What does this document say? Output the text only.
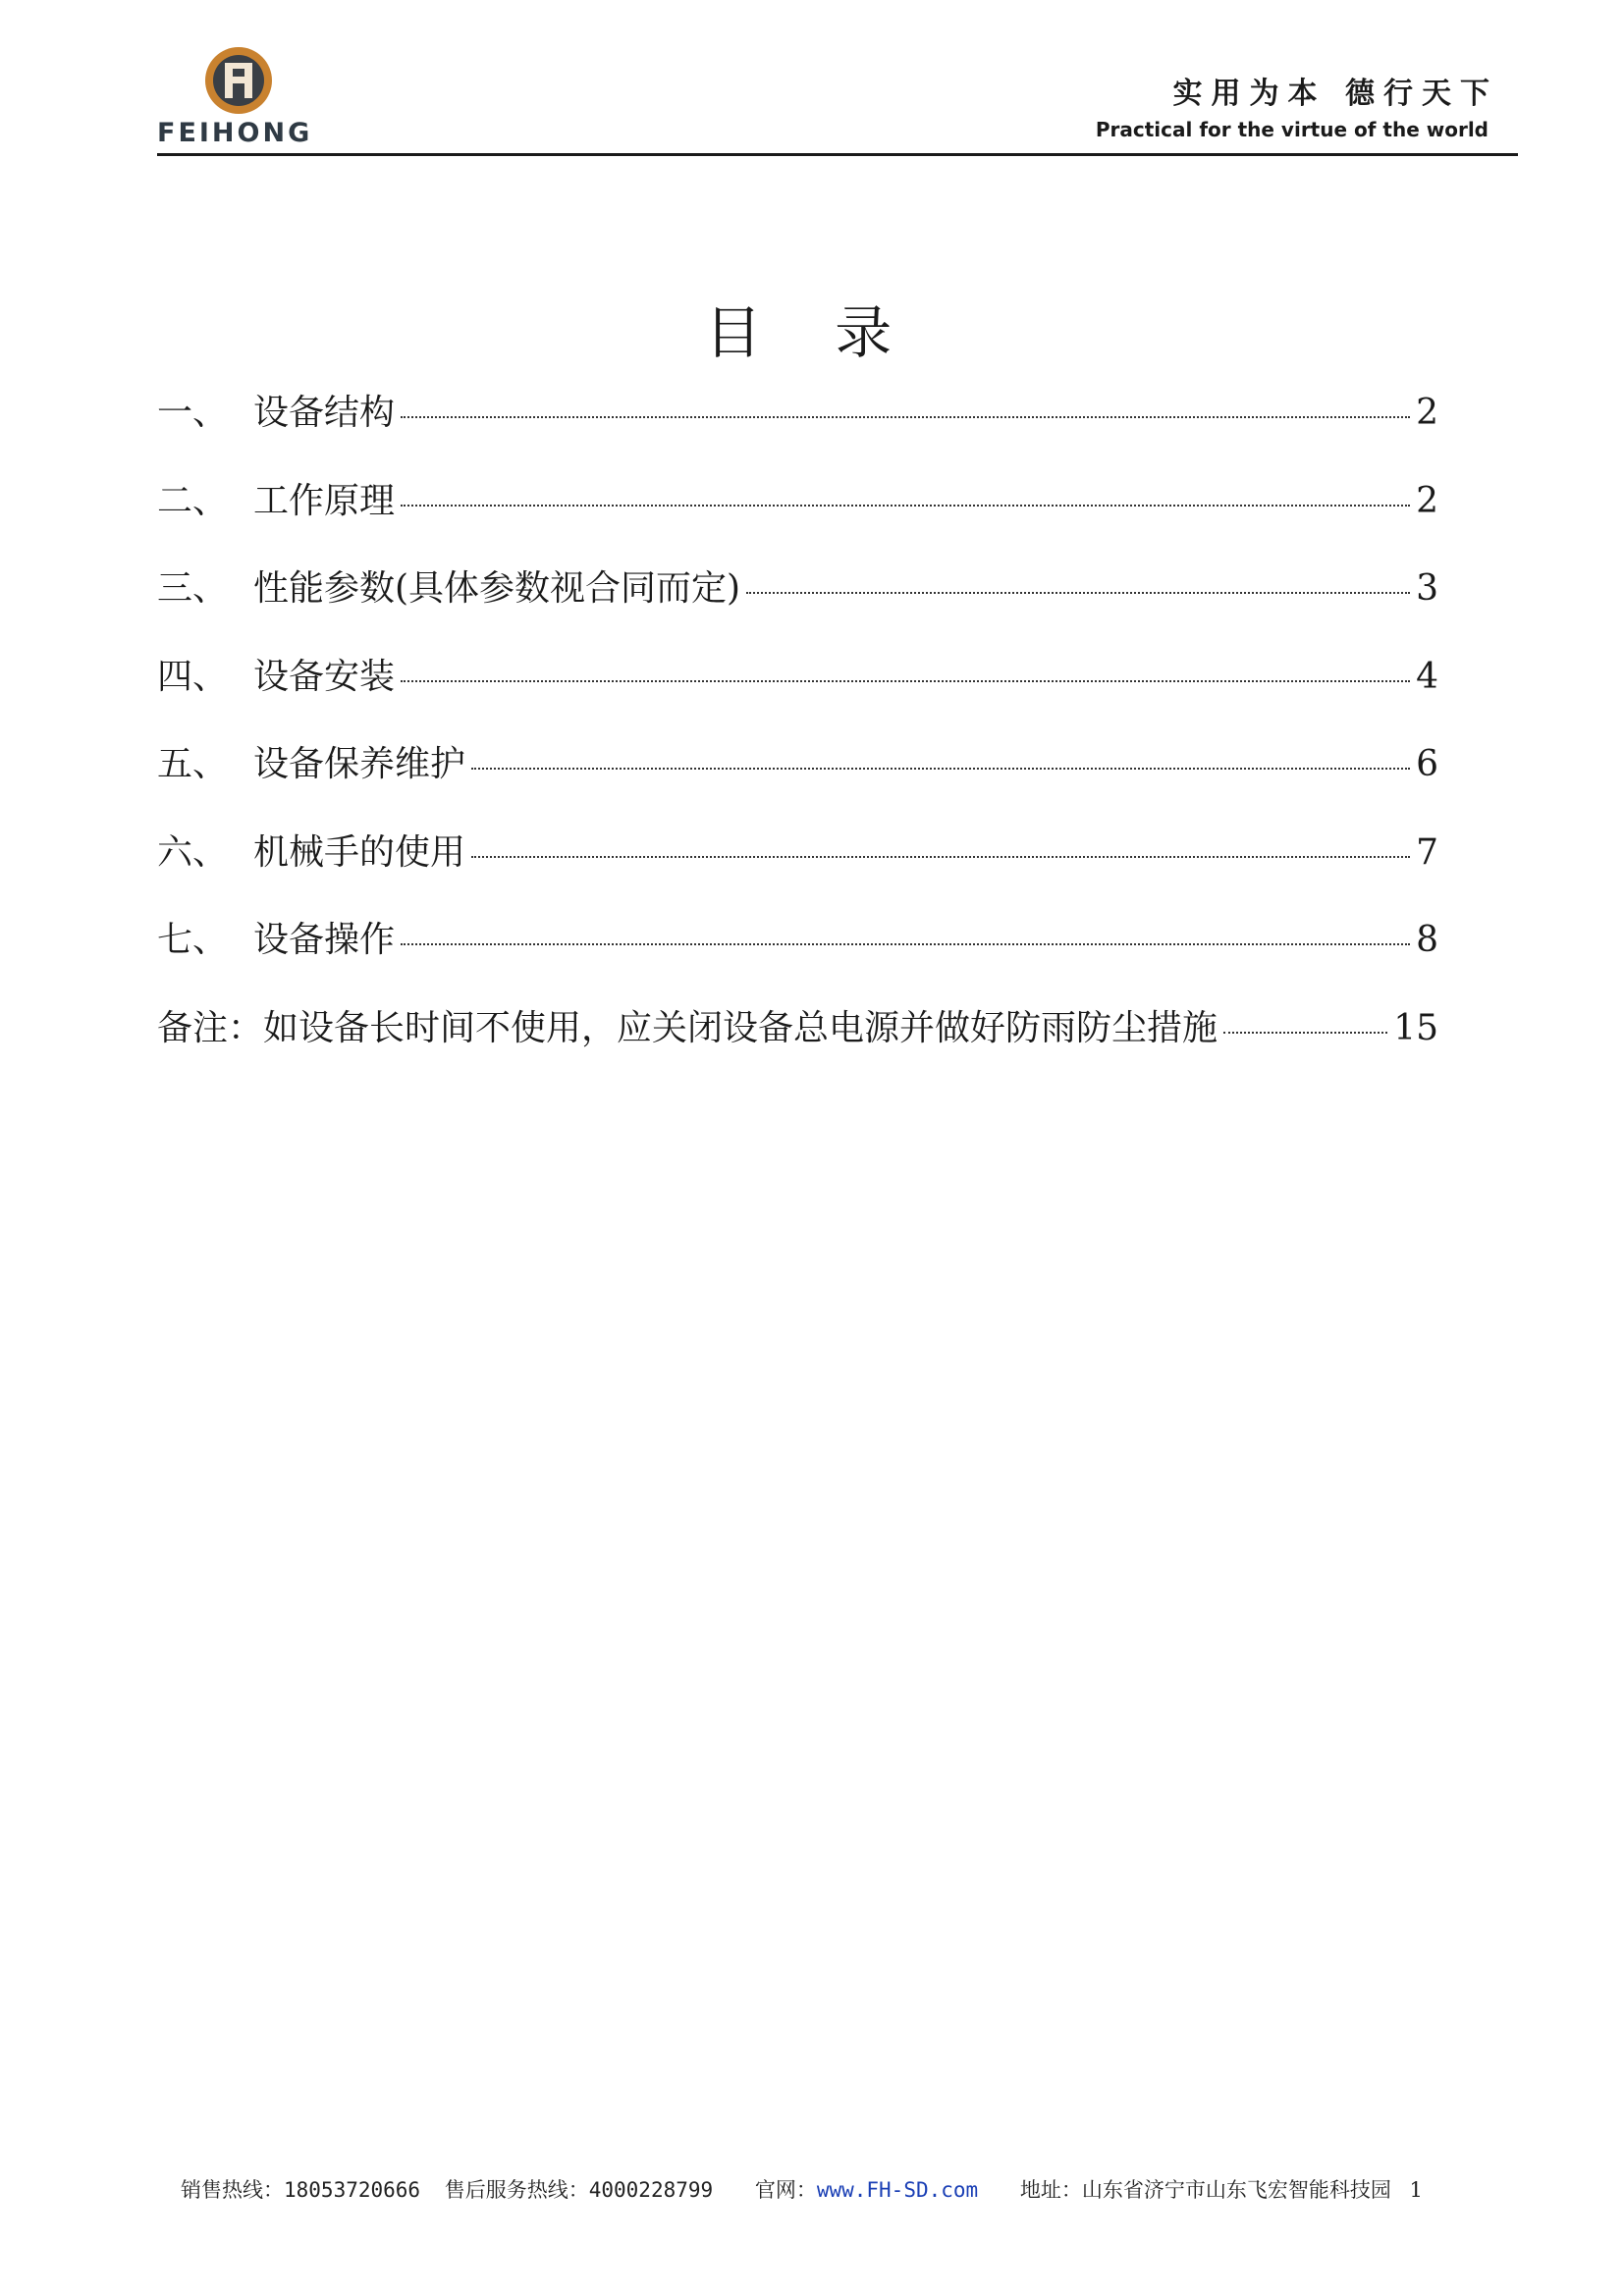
FEIHONG
实用为本 德行天下
Practical for the virtue of the world
目 录
一、 设备结构	2
二、 工作原理	2
三、 性能参数(具体参数视合同而定)	3
四、 设备安装	4
五、 设备保养维护	6
六、 机械手的使用	7
七、 设备操作	8
备注：如设备长时间不使用，应关闭设备总电源并做好防雨防尘措施	15
销售热线：18053720666 售后服务热线：4000228799 官网：www.FH-SD.com 地址：山东省济宁市山东飞宏智能科技园 1
